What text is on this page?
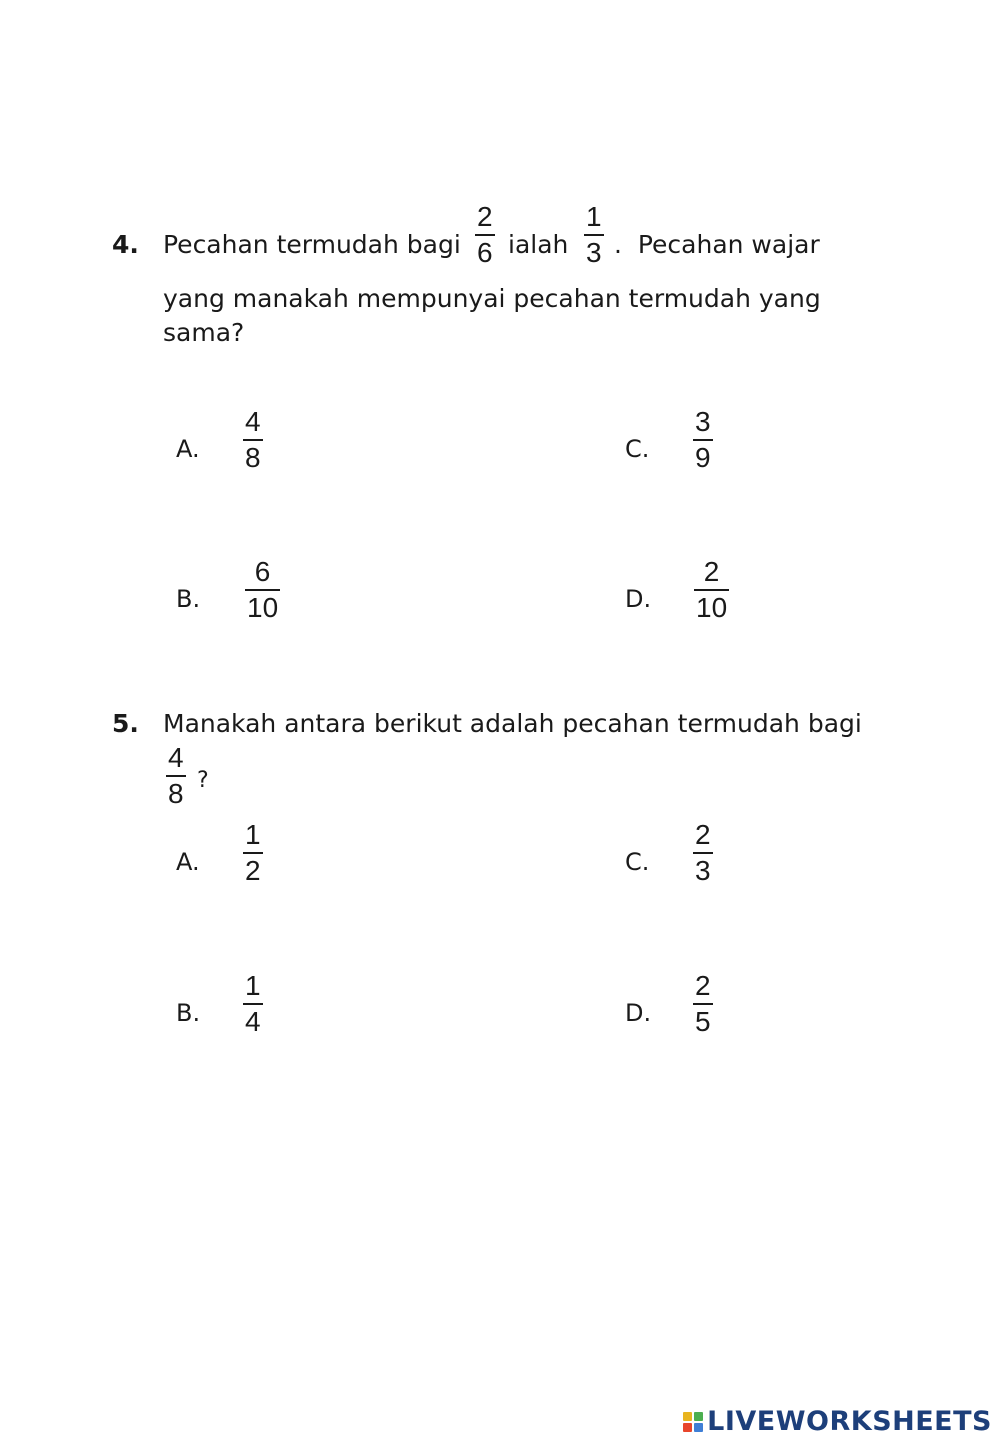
4. Pecahan termudah bagi
2
6 ialah
1
3 .  Pecahan wajar
yang manakah mempunyai pecahan termudah yang
sama?
A.
4
8
B.
6
10
C.
3
9
D.
2
10
5. Manakah antara berikut adalah pecahan termudah bagi
4
8 ?
A.
1
2
B.
1
4
C.
2
3
D.
2
5
LIVEWORKSHEETS
